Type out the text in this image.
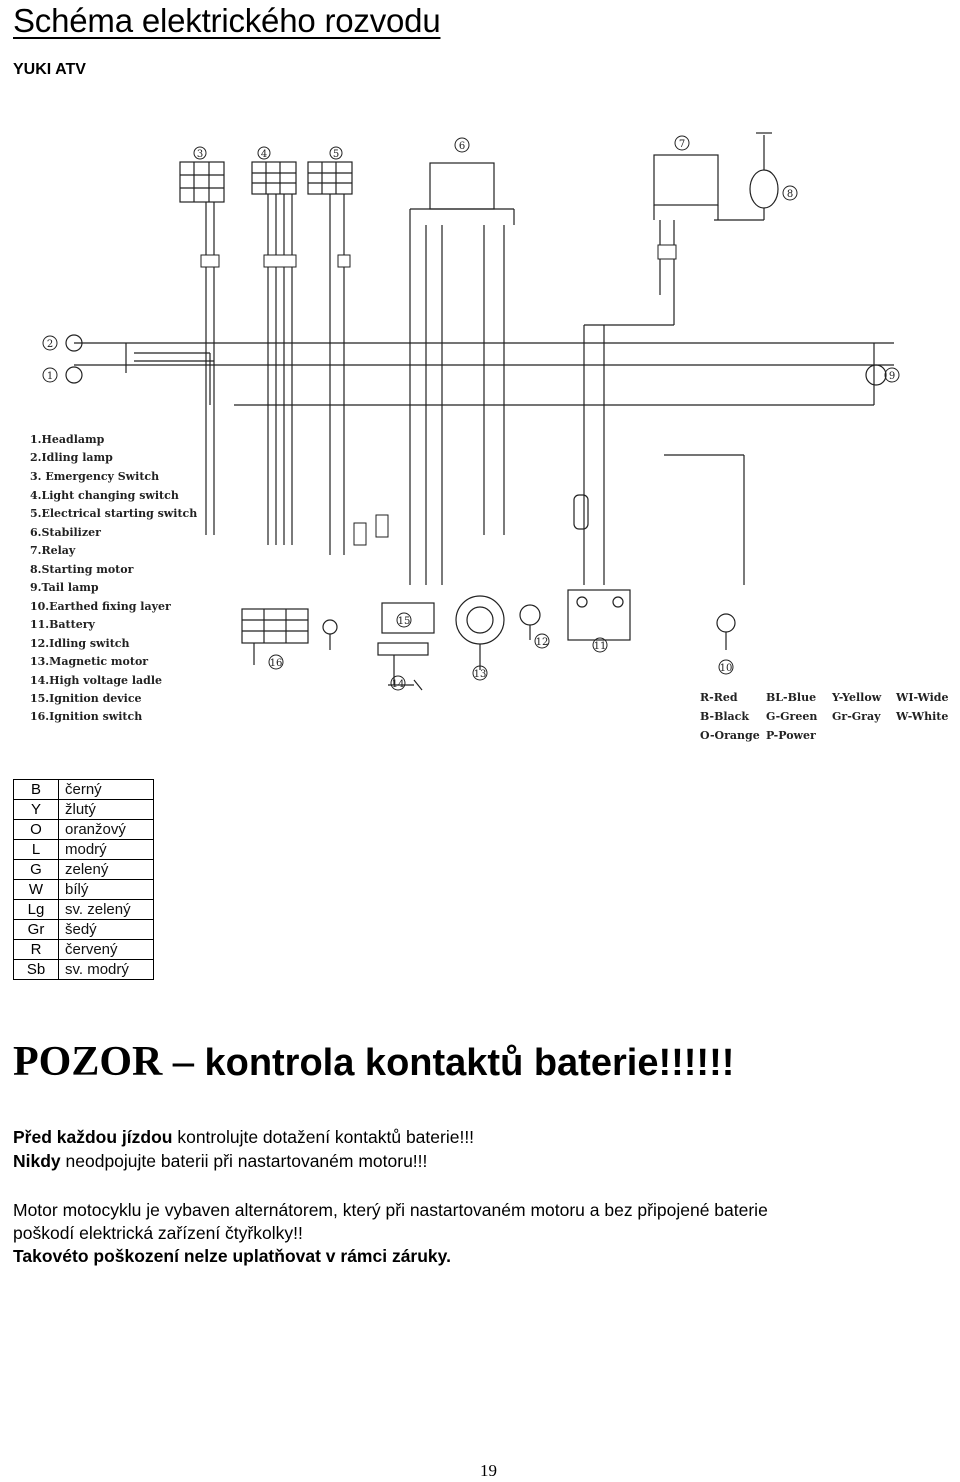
Schéma elektrického rozvodu

YUKI ATV

3	4	5
6	7
8
1
2
9
10
11
12
13
14
15
16
1.Headlamp
2.Idling lamp
3. Emergency Switch
4.Light changing switch
5.Electrical starting switch
6.Stabilizer
7.Relay
8.Starting motor
9.Tail lamp
10.Earthed fixing layer
11.Battery
12.Idling switch
13.Magnetic motor
14.High voltage ladle
15.Ignition device
16.Ignition switch
R-Red	BL-Blue Y-Yellow WI-Wide
B-Black G-Green Gr-Gray W-White
O-Orange P-Power
B	černý
Y	žlutý
O	oranžový
L	modrý
G	zelený
W	bílý
Lg	sv. zelený
Gr	šedý
R	červený
Sb	sv. modrý
POZOR – kontrola kontaktů baterie!!!!!!

Před každou jízdou kontrolujte dotažení kontaktů baterie!!!

Nikdy neodpojujte baterii při nastartovaném motoru!!!

Motor motocyklu je vybaven alternátorem, který při nastartovaném motoru a bez připojené baterie

poškodí elektrická zařízení čtyřkolky!!

Takovéto poškození nelze uplatňovat v rámci záruky.

19
